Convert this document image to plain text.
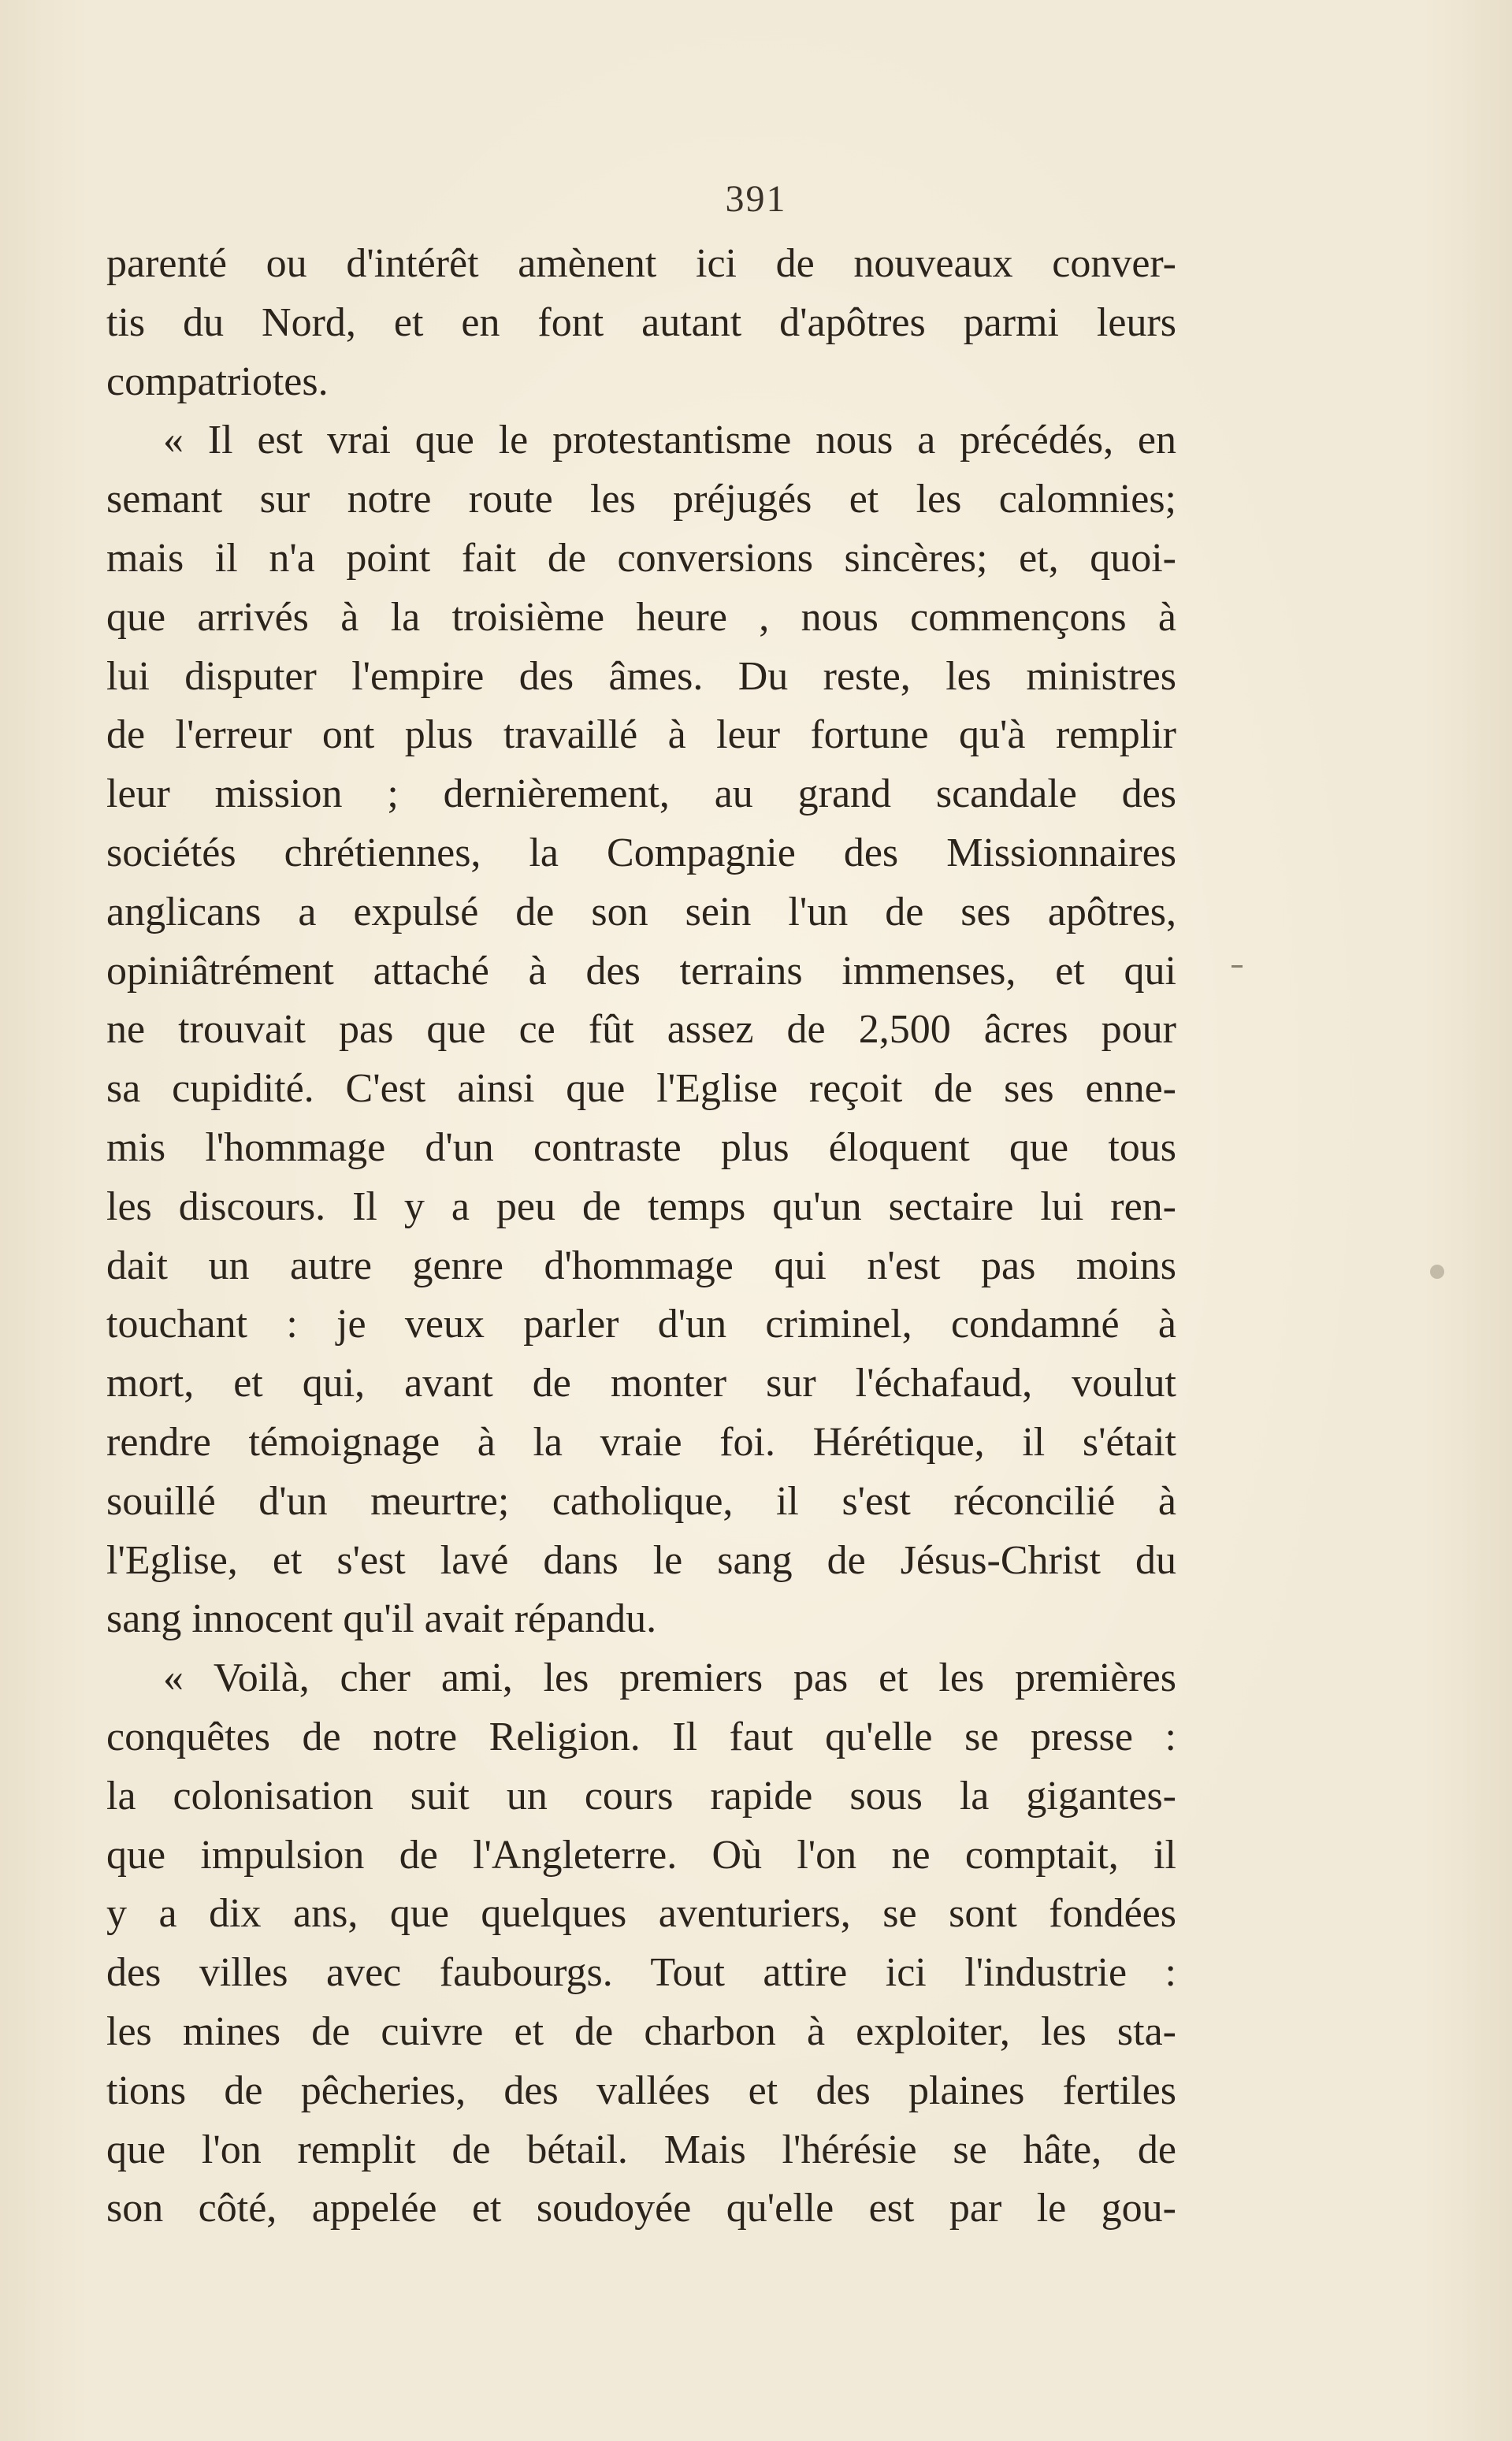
391
parenté ou d'intérêt amènent ici de nouveaux conver-
tis du Nord, et en font autant d'apôtres parmi leurs
compatriotes.
« Il est vrai que le protestantisme nous a précédés, en
semant sur notre route les préjugés et les calomnies;
mais il n'a point fait de conversions sincères; et, quoi-
que arrivés à la troisième heure , nous commençons à
lui disputer l'empire des âmes. Du reste, les ministres
de l'erreur ont plus travaillé à leur fortune qu'à remplir
leur mission ; dernièrement, au grand scandale des
sociétés chrétiennes, la Compagnie des Missionnaires
anglicans a expulsé de son sein l'un de ses apôtres,
opiniâtrément attaché à des terrains immenses, et qui
ne trouvait pas que ce fût assez de 2,500 âcres pour
sa cupidité. C'est ainsi que l'Eglise reçoit de ses enne-
mis l'hommage d'un contraste plus éloquent que tous
les discours. Il y a peu de temps qu'un sectaire lui ren-
dait un autre genre d'hommage qui n'est pas moins
touchant : je veux parler d'un criminel, condamné à
mort, et qui, avant de monter sur l'échafaud, voulut
rendre témoignage à la vraie foi. Hérétique, il s'était
souillé d'un meurtre; catholique, il s'est réconcilié à
l'Eglise, et s'est lavé dans le sang de Jésus-Christ du
sang innocent qu'il avait répandu.
« Voilà, cher ami, les premiers pas et les premières
conquêtes de notre Religion. Il faut qu'elle se presse :
la colonisation suit un cours rapide sous la gigantes-
que impulsion de l'Angleterre. Où l'on ne comptait, il
y a dix ans, que quelques aventuriers, se sont fondées
des villes avec faubourgs. Tout attire ici l'industrie :
les mines de cuivre et de charbon à exploiter, les sta-
tions de pêcheries, des vallées et des plaines fertiles
que l'on remplit de bétail. Mais l'hérésie se hâte, de
son côté, appelée et soudoyée qu'elle est par le gou-
